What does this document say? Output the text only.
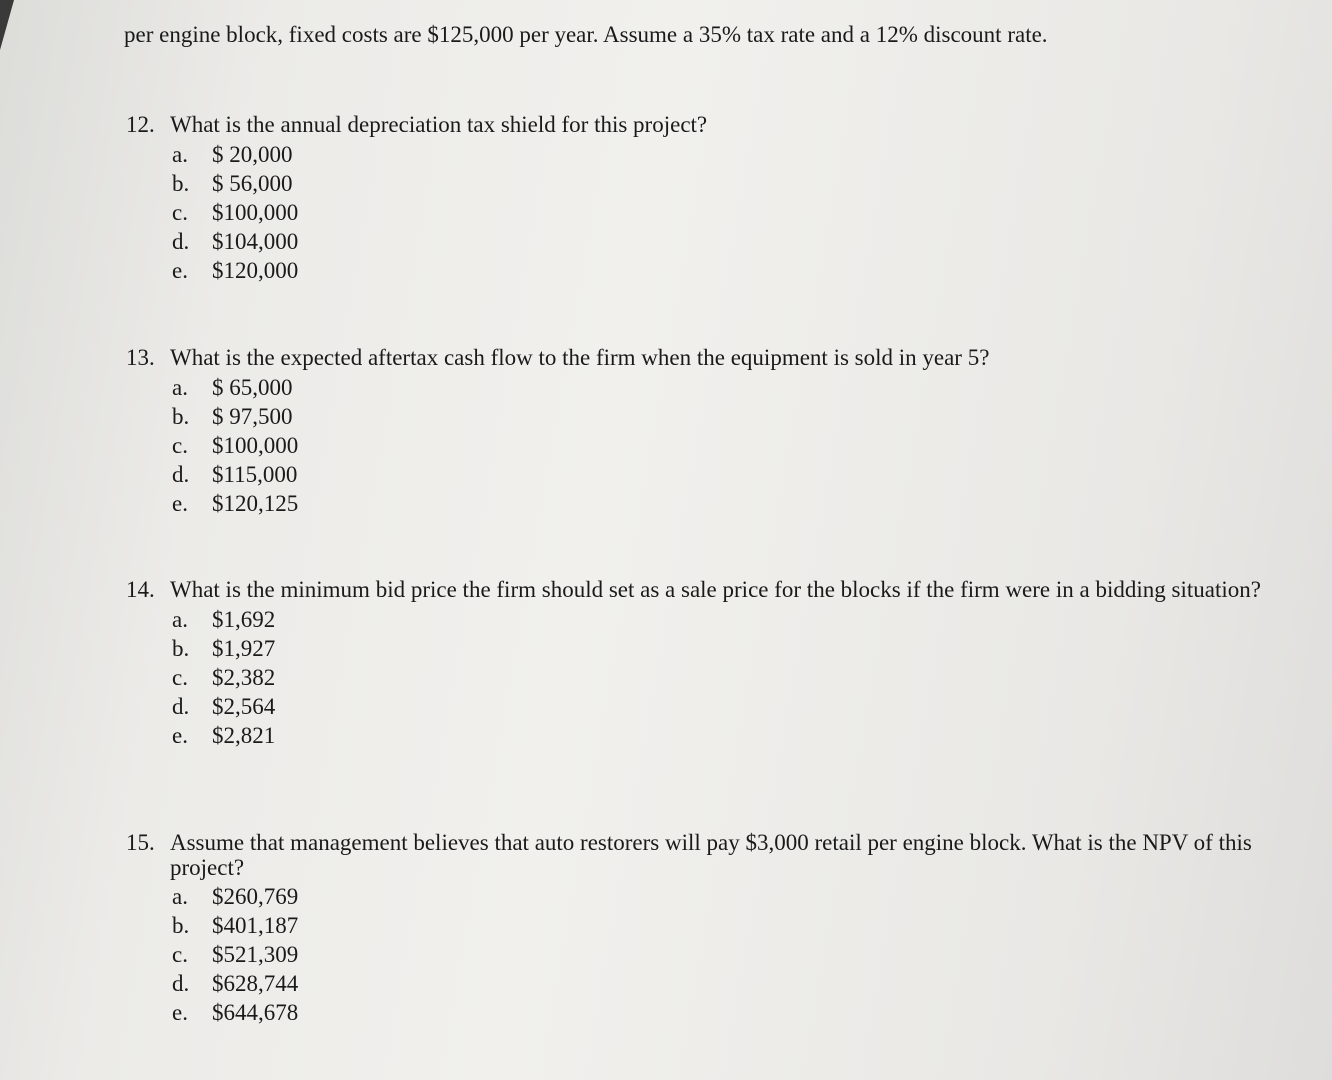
per engine block, fixed costs are $125,000 per year. Assume a 35% tax rate and a 12% discount rate.
12. What is the annual depreciation tax shield for this project?
a.	$ 20,000
b. $ 56,000
c.	$100,000
d. $104,000
e.	$120,000
13. What is the expected aftertax cash flow to the firm when the equipment is sold in year 5?
a.	$ 65,000
b. $ 97,500
c.	$100,000
d. $115,000
e.	$120,125
14. What is the minimum bid price the firm should set as a sale price for the blocks if the firm were in a bidding situation?
a.	$1,692
b. $1,927
c.	$2,382
d. $2,564
e.	$2,821
15. Assume that management believes that auto restorers will pay $3,000 retail per engine block. What is the NPV of this project?
a.	$260,769
b. $401,187
c.	$521,309
d. $628,744
e.	$644,678
